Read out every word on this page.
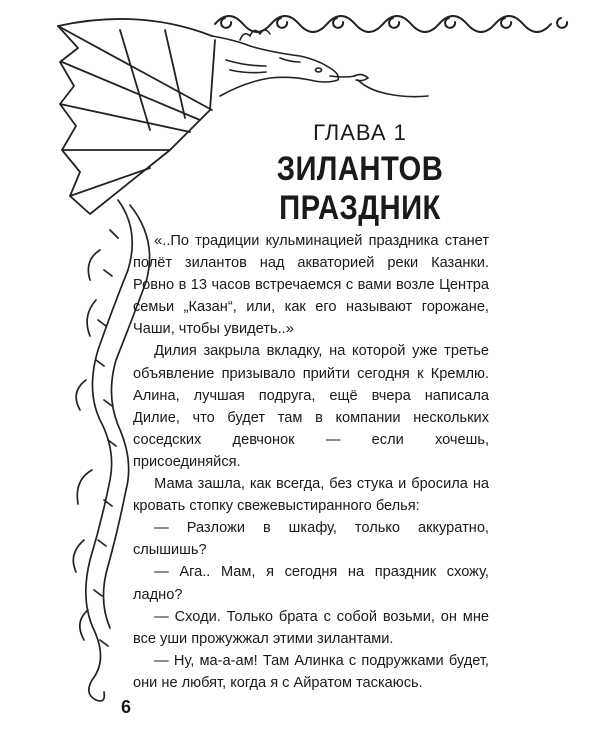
ГЛАВА 1
ЗИЛАНТОВ ПРАЗДНИК

«..По традиции кульминацией праздника станет полёт зилантов над акваторией реки Казанки. Ровно в 13 часов встречаемся с вами возле Центра семьи „Казан“, или, как его называют горожане, Чаши, чтобы увидеть..»

Дилия закрыла вкладку, на которой уже третье объявление призывало прийти сегодня к Кремлю. Алина, лучшая подруга, ещё вчера написала Дилие, что будет там в компании нескольких соседских девчонок — если хочешь, присоединяйся.

Мама зашла, как всегда, без стука и бросила на кровать стопку свежевыстиранного белья:

— Разложи в шкафу, только аккуратно, слышишь?

— Ага.. Мам, я сегодня на праздник схожу, ладно?

— Сходи. Только брата с собой возьми, он мне все уши прожужжал этими зилантами.

— Ну, ма-а-ам! Там Алинка с подружками будет, они не любят, когда я с Айратом таскаюсь.

6
